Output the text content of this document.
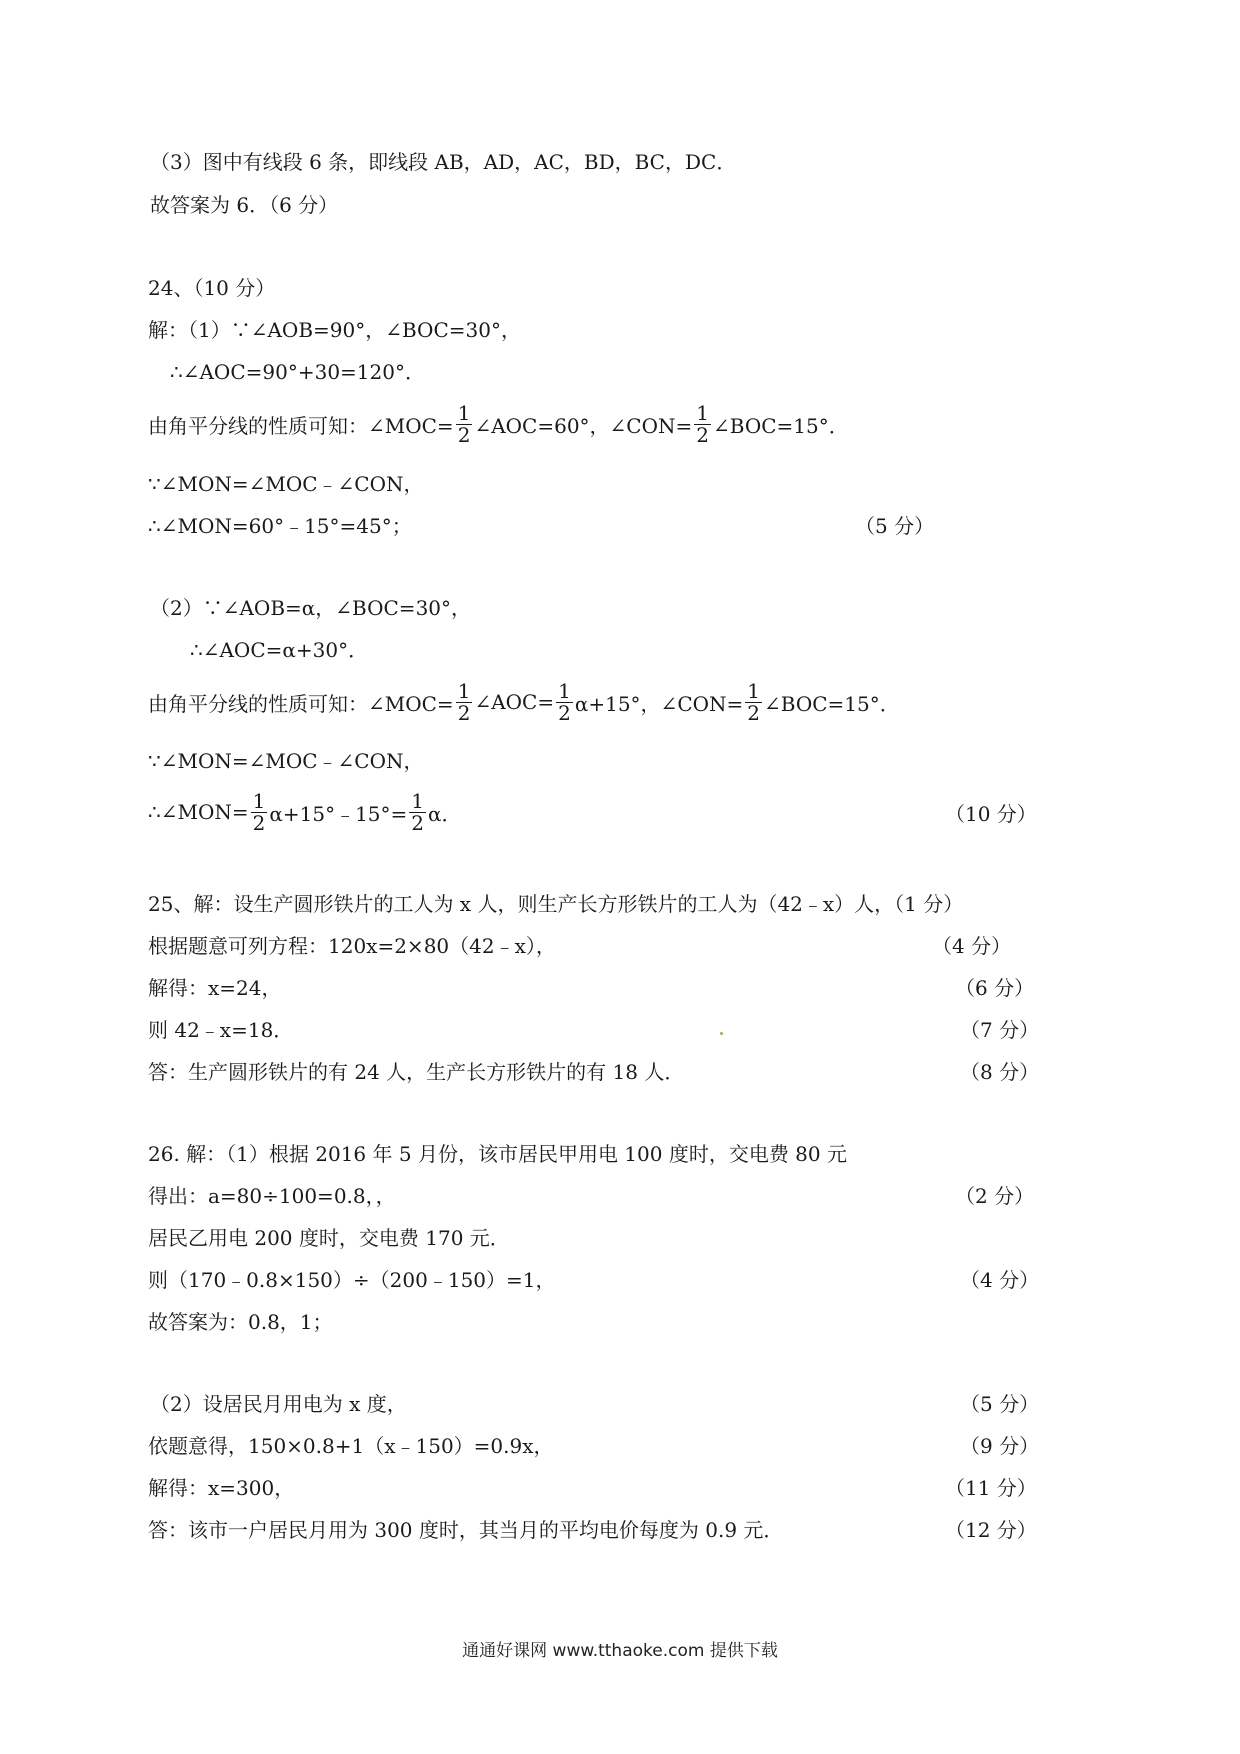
（3）图中有线段 6 条，即线段 AB，AD，AC，BD，BC，DC．
故答案为 6．（6 分）
24、（10 分）
解：（1）∵∠AOB=90°，∠BOC=30°，
∴∠AOC=90°+30=120°．
由角平分线的性质可知：∠MOC= $\frac{1}{2}$ ∠AOC=60°，∠CON= $\frac{1}{2}$ ∠BOC=15°．
∵∠MON=∠MOC﹣∠CON，
∴∠MON=60°﹣15°=45°；	（5 分）
（2）∵∠AOB=α，∠BOC=30°，
∴∠AOC=α+30°．
由角平分线的性质可知：∠MOC= $\frac{1}{2}$ ∠AOC= $\frac{1}{2} \alpha+15^\circ$，∠CON= $\frac{1}{2}$ ∠BOC=15°．
∵∠MON=∠MOC﹣∠CON，
∴∠MON= $\frac{1}{2}$ α+15°﹣15°= $\frac{1}{2}$ α．	（10 分）
25、解：设生产圆形铁片的工人为 x 人，则生产长方形铁片的工人为（42﹣x）人，（1 分）
根据题意可列方程：120x=2×80（42﹣x），	（4 分）
解得：x=24，	（6 分）
则 42﹣x=18．	（7 分）
答：生产圆形铁片的有 24 人，生产长方形铁片的有 18 人．	（8 分）
26. 解：（1）根据 2016 年 5 月份，该市居民甲用电 100 度时，交电费 80 元
得出：a=80÷100=0.8，，	（2 分）
居民乙用电 200 度时，交电费 170 元．
则（170﹣0.8×150）÷（200﹣150）=1，	（4 分）
故答案为：0.8，1；
（2）设居民月用电为 x 度，	（5 分）
依题意得，150×0.8+1（x﹣150）=0.9x，	（9 分）
解得：x=300，	（11 分）
答：该市一户居民月用为 300 度时，其当月的平均电价每度为 0.9 元．	（12 分）
通通好课网 www.tthaoke.com 提供下载
